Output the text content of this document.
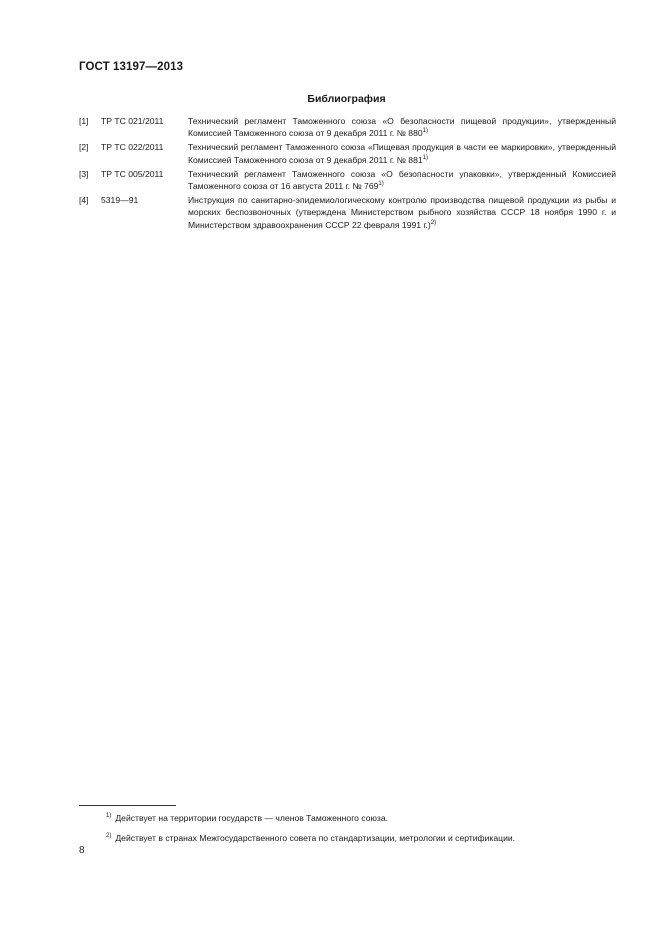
ГОСТ 13197—2013
Библиография
[1]	ТР ТС 021/2011	Технический регламент Таможенного союза «О безопасности пищевой продукции», утвержденный Комиссией Таможенного союза от 9 декабря 2011 г. № 880$^{1)}$
[2]	ТР ТС 022/2011	Технический регламент Таможенного союза «Пищевая продукция в части ее маркировки», утвержденный Комиссией Таможенного союза от 9 декабря 2011 г. № 881$^{1)}$
[3]	ТР ТС 005/2011	Технический регламент Таможенного союза «О безопасности упаковки», утвержденный Комиссией Таможенного союза от 16 августа 2011 г. № 769$^{1)}$
[4]	5319—91	Инструкция по санитарно-эпидемиологическому контролю производства пищевой продукции из рыбы и морских беспозвоночных (утверждена Министерством рыбного хозяйства СССР 18 ноября 1990 г. и Министерством здравоохранения СССР 22 февраля 1991 г.)$^{2)}$
$^{1)}$ Действует на территории государств — членов Таможенного союза.
$^{2)}$ Действует в странах Межгосударственного совета по стандартизации, метрологии и сертификации.
8
